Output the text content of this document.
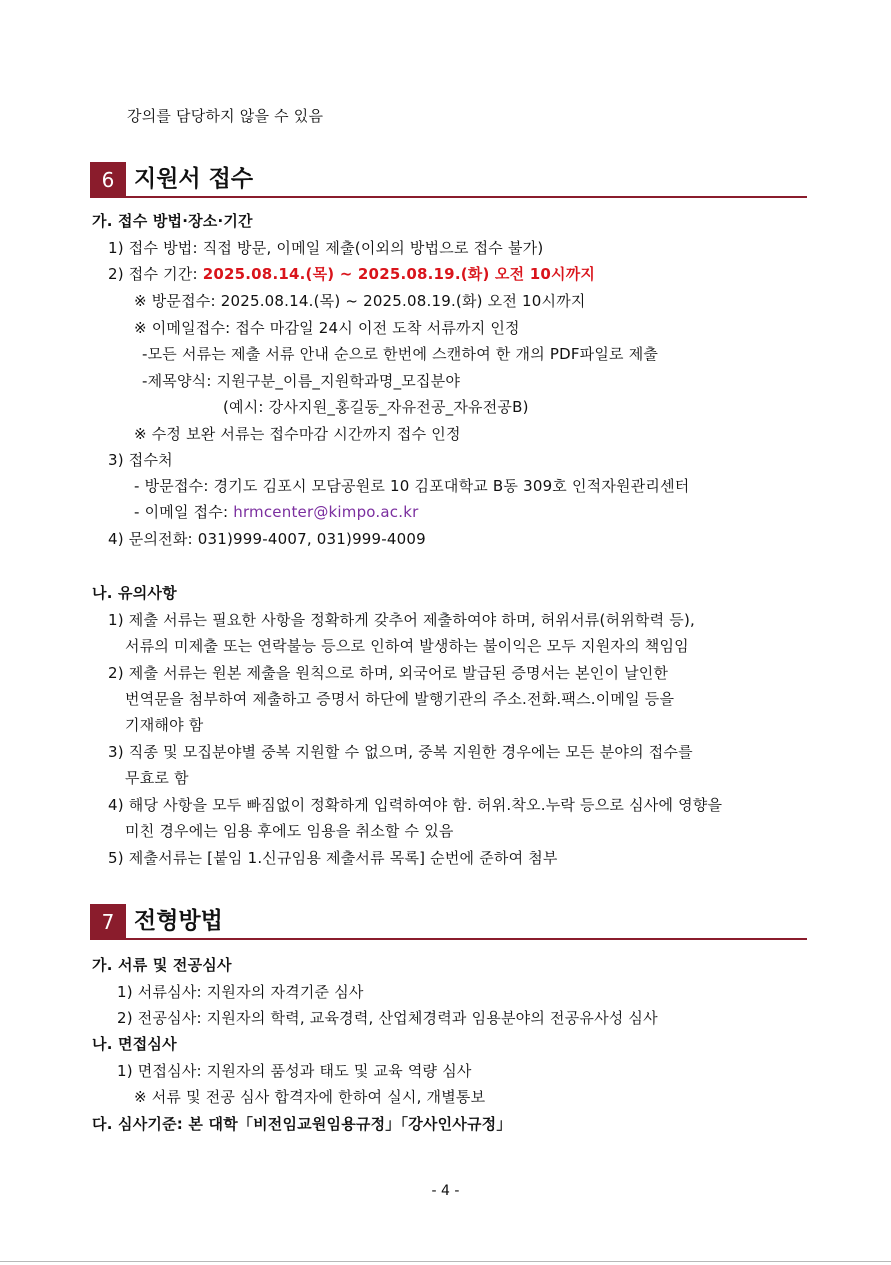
강의를 담당하지 않을 수 있음
6 지원서 접수
가. 접수 방법·장소·기간
1) 접수 방법: 직접 방문, 이메일 제출(이외의 방법으로 접수 불가)
2) 접수 기간: 2025.08.14.(목) ~ 2025.08.19.(화) 오전 10시까지
※ 방문접수: 2025.08.14.(목) ~ 2025.08.19.(화) 오전 10시까지
※ 이메일접수: 접수 마감일 24시 이전 도착 서류까지 인정
-모든 서류는 제출 서류 안내 순으로 한번에 스캔하여 한 개의 PDF파일로 제출
-제목양식: 지원구분_이름_지원학과명_모집분야
(예시: 강사지원_홍길동_자유전공_자유전공B)
※ 수정 보완 서류는 접수마감 시간까지 접수 인정
3) 접수처
- 방문접수: 경기도 김포시 모담공원로 10 김포대학교 B동 309호 인적자원관리센터
- 이메일 접수: hrmcenter@kimpo.ac.kr
4) 문의전화: 031)999-4007, 031)999-4009
나. 유의사항
1) 제출 서류는 필요한 사항을 정확하게 갖추어 제출하여야 하며, 허위서류(허위학력 등),
서류의 미제출 또는 연락불능 등으로 인하여 발생하는 불이익은 모두 지원자의 책임임
2) 제출 서류는 원본 제출을 원칙으로 하며, 외국어로 발급된 증명서는 본인이 날인한
번역문을 첨부하여 제출하고 증명서 하단에 발행기관의 주소.전화.팩스.이메일 등을
기재해야 함
3) 직종 및 모집분야별 중복 지원할 수 없으며, 중복 지원한 경우에는 모든 분야의 접수를
무효로 함
4) 해당 사항을 모두 빠짐없이 정확하게 입력하여야 함. 허위.착오.누락 등으로 심사에 영향을
미친 경우에는 임용 후에도 임용을 취소할 수 있음
5) 제출서류는 [붙임 1.신규임용 제출서류 목록] 순번에 준하여 첨부
7 전형방법
가. 서류 및 전공심사
1) 서류심사: 지원자의 자격기준 심사
2) 전공심사: 지원자의 학력, 교육경력, 산업체경력과 임용분야의 전공유사성 심사
나. 면접심사
1) 면접심사: 지원자의 품성과 태도 및 교육 역량 심사
※ 서류 및 전공 심사 합격자에 한하여 실시, 개별통보
다. 심사기준: 본 대학「비전임교원임용규정」「강사인사규정」
- 4 -
